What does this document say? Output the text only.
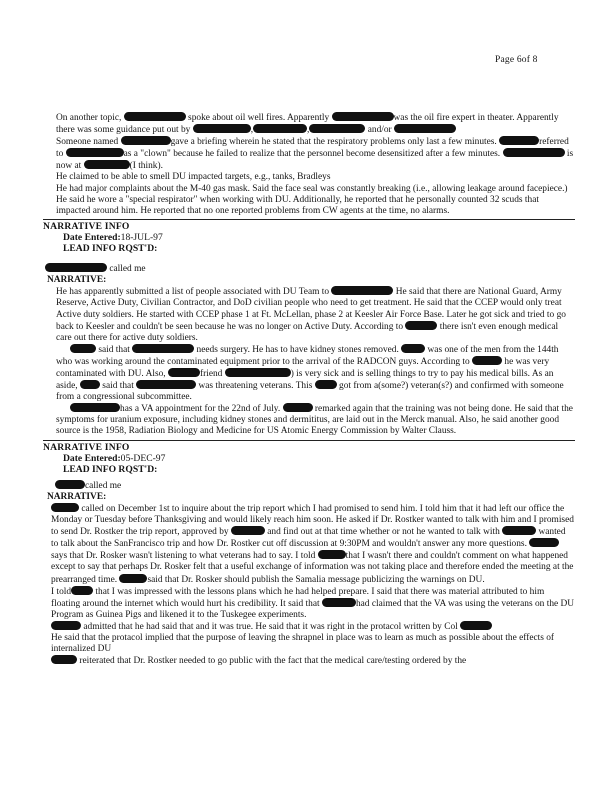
Page 6of 8

On another topic,	spoke about oil well fires. Apparently	was the oil fire expert in theater. Apparently there was some guidance put out by	,	,	and/or

Someone named	gave a briefing wherein he stated that the respiratory problems only last a few minutes.	referred to	as a "clown" because he failed to realize that the personnel become desensitized after a few minutes.	is now at	(I think).

He claimed to be able to smell DU impacted targets, e.g., tanks, Bradleys

He had major complaints about the M-40 gas mask. Said the face seal was constantly breaking (i.e., allowing leakage around facepiece.) He said he wore a "special respirator" when working with DU. Additionally, he reported that he personally counted 32 scuds that impacted around him. He reported that no one reported problems from CW agents at the time, no alarms.

NARRATIVE INFO
Date Entered:18-JUL-97
LEAD INFO RQST'D:
called me
NARRATIVE:

He has apparently submitted a list of people associated with DU Team to	He said that there are National Guard, Army Reserve, Active Duty, Civilian Contractor, and DoD civilian people who need to get treatment. He said that the CCEP would only treat Active duty soldiers. He started with CCEP phase 1 at Ft. McLellan, phase 2 at Keesler Air Force Base. Later he got sick and tried to go back to Keesler and couldn't be seen because he was no longer on Active Duty. According to	there isn't even enough medical care out there for active duty soldiers.

said that	needs surgery. He has to have kidney stones removed.	was one of the men from the 144th who was working around the contaminated equipment prior to the arrival of the RADCON guys. According to	he was very contaminated with DU. Also,	friend	) is very sick and is selling things to try to pay his medical bills. As an aside,	said that	was threatening veterans. This	got from a(some?) veteran(s?) and confirmed with someone from a congressional subcommittee.

has a VA appointment for the 22nd of July.	remarked again that the training was not being done. He said that the symptoms for uranium exposure, including kidney stones and dermititus, are laid out in the Merck manual. Also, he said another good source is the 1958, Radiation Biology and Medicine for US Atomic Energy Commission by Walter Clauss.

NARRATIVE INFO
Date Entered:05-DEC-97
LEAD INFO RQST'D:
called me
NARRATIVE:

called on December 1st to inquire about the trip report which I had promised to send him. I told him that it had left our office the Monday or Tuesday before Thanksgiving and would likely reach him soon. He asked if Dr. Rostker wanted to talk with him and I promised to send Dr. Rostker the trip report, approved by	and find out at that time whether or not he wanted to talk with	wanted to talk about the SanFrancisco trip and how Dr. Rostker cut off discussion at 9:30PM and wouldn't answer any more questions.  says that Dr. Rosker wasn't listening to what veterans had to say. I told	that I wasn't there and couldn't comment on what happened except to say that perhaps Dr. Rosker felt that a useful exchange of information was not taking place and therefore ended the meeting at the prearranged time.	said that Dr. Rosker should publish the Samalia message publicizing the warnings on DU.

I told	that I was impressed with the lessons plans which he had helped prepare. I said that there was material attributed to him floating around the internet which would hurt his credibility. It said that	had claimed that the VA was using the veterans on the DU Program as Guinea Pigs and likened it to the Tuskegee experiments.

admitted that he had said that and it was true. He said that it was right in the protacol written by Col

He said that the protacol implied that the purpose of leaving the shrapnel in place was to learn as much as possible about the effects of internalized DU

reiterated that Dr. Rostker needed to go public with the fact that the medical care/testing ordered by the
